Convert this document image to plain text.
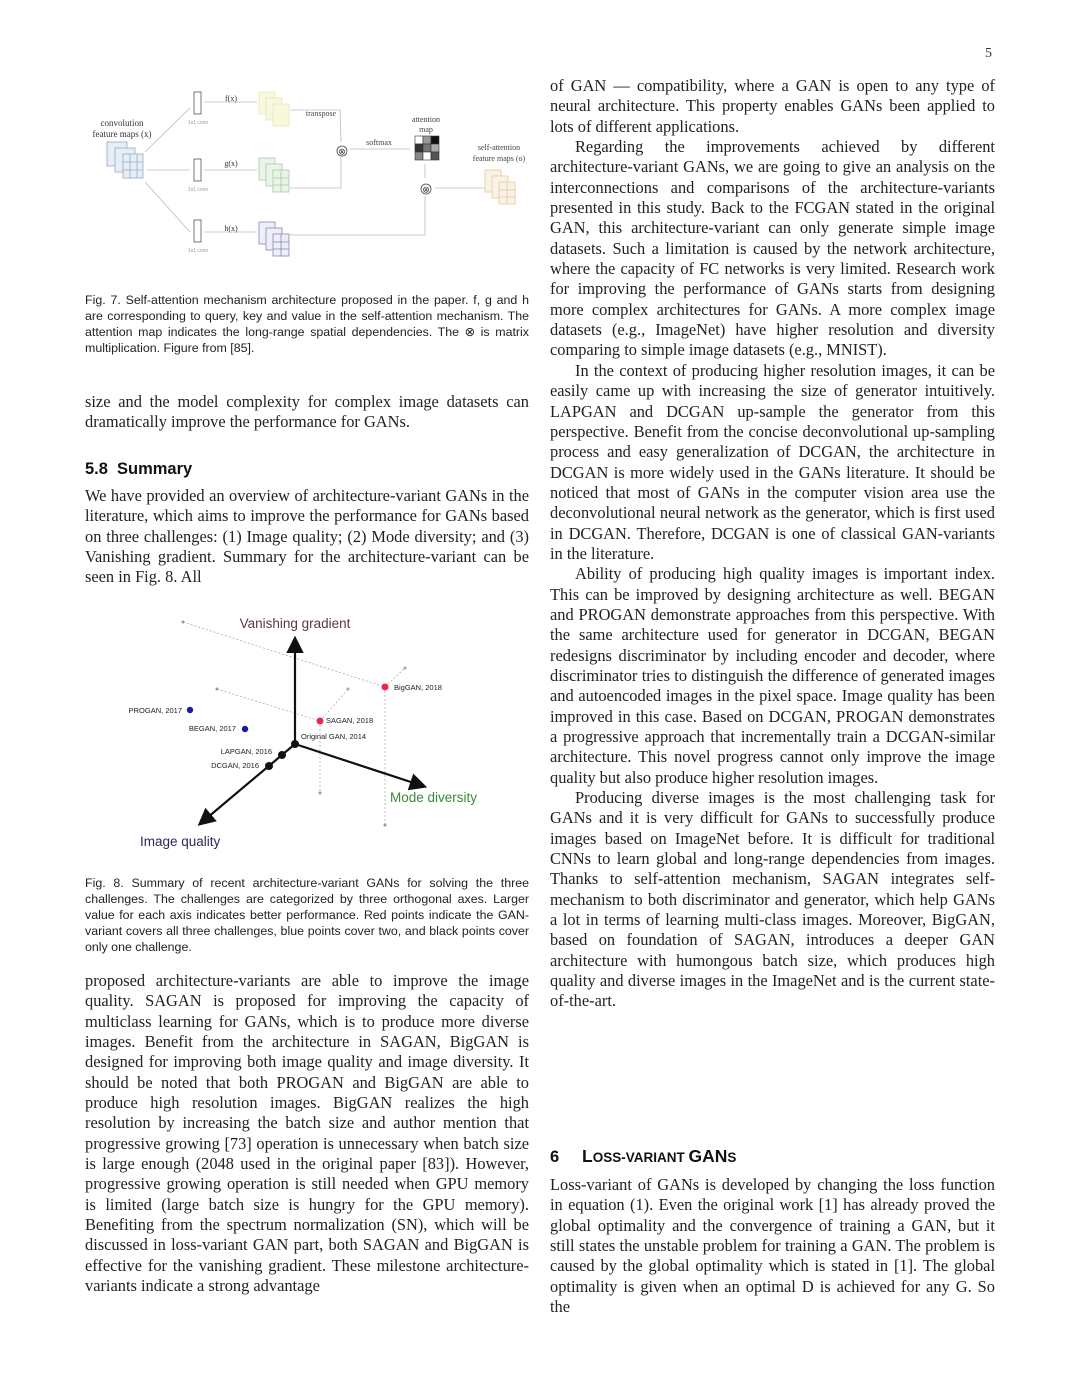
5
convolution
feature maps (x)
1x1 conv
1x1 conv
1x1 conv
f(x)
g(x)
h(x)
transpose
⊗
softmax
attention
map
⊗
self-attention
feature maps (o)
Fig. 7. Self-attention mechanism architecture proposed in the paper. f, g and h are corresponding to query, key and value in the self-attention mechanism. The attention map indicates the long-range spatial dependencies. The ⊗ is matrix multiplication. Figure from [85].

size and the model complexity for complex image datasets can dramatically improve the performance for GANs.

5.8 Summary

We have provided an overview of architecture-variant GANs in the literature, which aims to improve the performance for GANs based on three challenges: (1) Image quality; (2) Mode diversity; and (3) Vanishing gradient. Summary for the architecture-variant can be seen in Fig. 8. All

Vanishing gradient
Mode diversity
Image quality
Original GAN, 2014
LAPGAN, 2016
DCGAN, 2016
BEGAN, 2017
PROGAN, 2017
SAGAN, 2018
BigGAN, 2018
Fig. 8. Summary of recent architecture-variant GANs for solving the three challenges. The challenges are categorized by three orthogonal axes. Larger value for each axis indicates better performance. Red points indicate the GAN-variant covers all three challenges, blue points cover two, and black points cover only one challenge.

proposed architecture-variants are able to improve the image quality. SAGAN is proposed for improving the capacity of multiclass learning for GANs, which is to produce more diverse images. Benefit from the architecture in SAGAN, BigGAN is designed for improving both image quality and image diversity. It should be noted that both PROGAN and BigGAN are able to produce high resolution images. BigGAN realizes the high resolution by increasing the batch size and author mention that progressive growing [73] operation is unnecessary when batch size is large enough (2048 used in the original paper [83]). However, progressive growing operation is still needed when GPU memory is limited (large batch size is hungry for the GPU memory). Benefiting from the spectrum normalization (SN), which will be discussed in loss-variant GAN part, both SAGAN and BigGAN is effective for the vanishing gradient. These milestone architecture-variants indicate a strong advantage

of GAN — compatibility, where a GAN is open to any type of neural architecture. This property enables GANs been applied to lots of different applications.

Regarding the improvements achieved by different architecture-variant GANs, we are going to give an analysis on the interconnections and comparisons of the architecture-variants presented in this study. Back to the FCGAN stated in the original GAN, this architecture-variant can only generate simple image datasets. Such a limitation is caused by the network architecture, where the capacity of FC networks is very limited. Research work for improving the performance of GANs starts from designing more complex architectures for GANs. A more complex image datasets (e.g., ImageNet) have higher resolution and diversity comparing to simple image datasets (e.g., MNIST).

In the context of producing higher resolution images, it can be easily came up with increasing the size of generator intuitively. LAPGAN and DCGAN up-sample the generator from this perspective. Benefit from the concise deconvolutional up-sampling process and easy generalization of DCGAN, the architecture in DCGAN is more widely used in the GANs literature. It should be noticed that most of GANs in the computer vision area use the deconvolutional neural network as the generator, which is first used in DCGAN. Therefore, DCGAN is one of classical GAN-variants in the literature.

Ability of producing high quality images is important index. This can be improved by designing architecture as well. BEGAN and PROGAN demonstrate approaches from this perspective. With the same architecture used for generator in DCGAN, BEGAN redesigns discriminator by including encoder and decoder, where discriminator tries to distinguish the difference of generated images and autoencoded images in the pixel space. Image quality has been improved in this case. Based on DCGAN, PROGAN demonstrates a progressive approach that incrementally train a DCGAN-similar architecture. This novel progress cannot only improve the image quality but also produce higher resolution images.

Producing diverse images is the most challenging task for GANs and it is very difficult for GANs to successfully produce images based on ImageNet before. It is difficult for traditional CNNs to learn global and long-range dependencies from images. Thanks to self-attention mechanism, SAGAN integrates self-mechanism to both discriminator and generator, which help GANs a lot in terms of learning multi-class images. Moreover, BigGAN, based on foundation of SAGAN, introduces a deeper GAN architecture with humongous batch size, which produces high quality and diverse images in the ImageNet and is the current state-of-the-art.

6 LOSS-VARIANT GANS

Loss-variant of GANs is developed by changing the loss function in equation (1). Even the original work [1] has already proved the global optimality and the convergence of training a GAN, but it still states the unstable problem for training a GAN. The problem is caused by the global optimality which is stated in [1]. The global optimality is given when an optimal D is achieved for any G. So the
